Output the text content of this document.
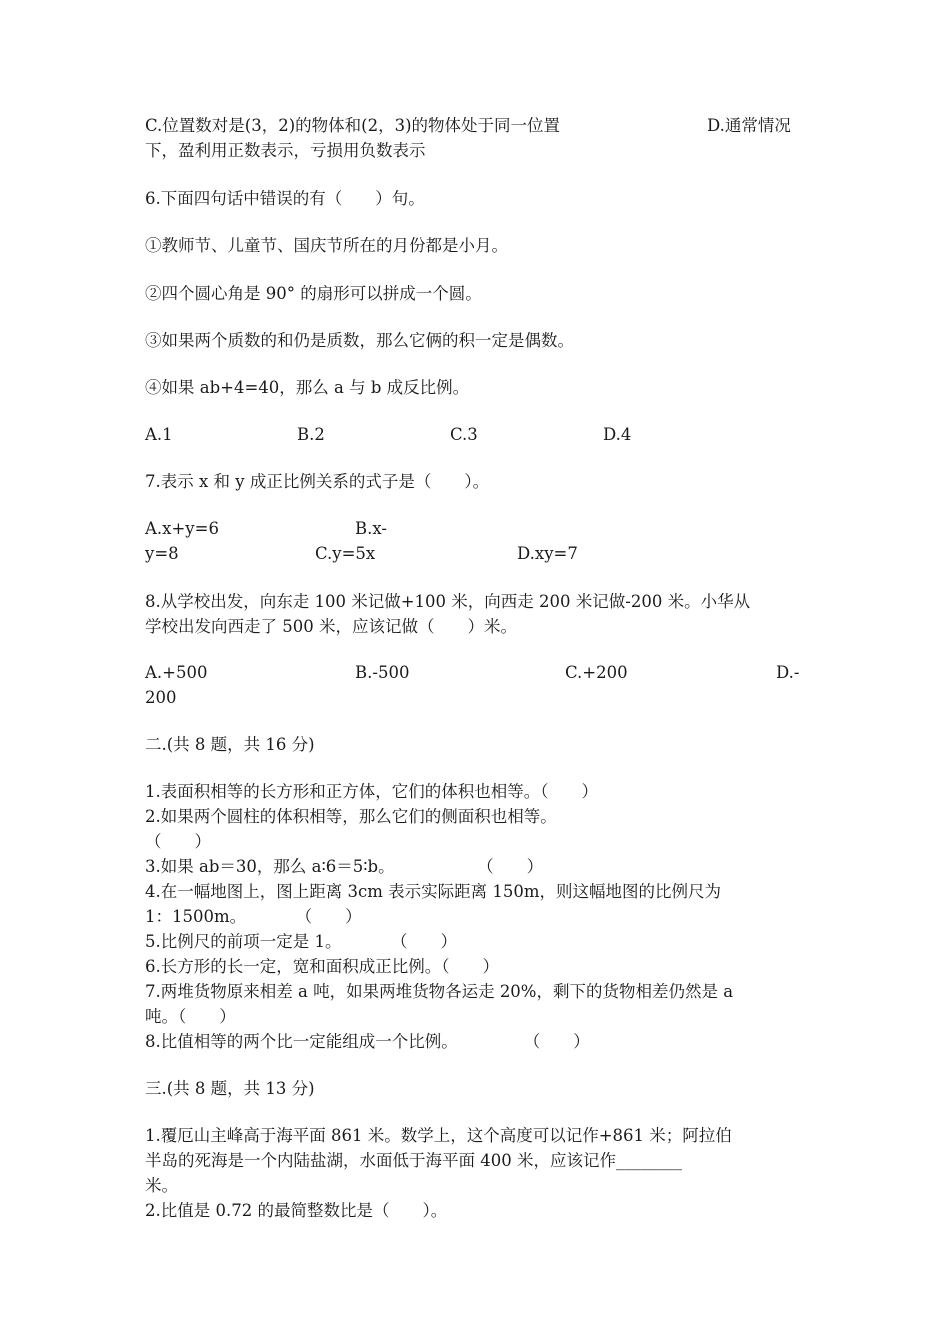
C.位置数对是(3，2)的物体和(2，3)的物体处于同一位置	D.通常情况
下，盈利用正数表示，亏损用负数表示
6.下面四句话中错误的有（　　）句。
①教师节、儿童节、国庆节所在的月份都是小月。
②四个圆心角是 90° 的扇形可以拼成一个圆。
③如果两个质数的和仍是质数，那么它俩的积一定是偶数。
④如果 ab+4=40，那么 a 与 b 成反比例。
A.1	B.2	C.3	D.4
7.表示 x 和 y 成正比例关系的式子是（　　）。
A.x+y=6	B.x-
y=8	C.y=5x	D.xy=7
8.从学校出发，向东走 100 米记做+100 米，向西走 200 米记做-200 米。小华从
学校出发向西走了 500 米，应该记做（　　）米。
A.+500	B.-500	C.+200	D.-
200
二.(共 8 题，共 16 分)
1.表面积相等的长方形和正方体，它们的体积也相等。（　　）
2.如果两个圆柱的体积相等，那么它们的侧面积也相等。
（　　）
3.如果 ab＝30，那么 a∶6＝5∶b。　　　　　　（　　）
4.在一幅地图上，图上距离 3cm 表示实际距离 150m，则这幅地图的比例尺为
1：1500m。　　　　（　　）
5.比例尺的前项一定是 1。　　　　（　　）
6.长方形的长一定，宽和面积成正比例。（　　）
7.两堆货物原来相差 a 吨，如果两堆货物各运走 20%，剩下的货物相差仍然是 a
吨。（　　）
8.比值相等的两个比一定能组成一个比例。　　　　　（　　）
三.(共 8 题，共 13 分)
1.覆厄山主峰高于海平面 861 米。数学上，这个高度可以记作+861 米；阿拉伯
半岛的死海是一个内陆盐湖，水面低于海平面 400 米，应该记作________
米。
2.比值是 0.72 的最简整数比是（　　）。
